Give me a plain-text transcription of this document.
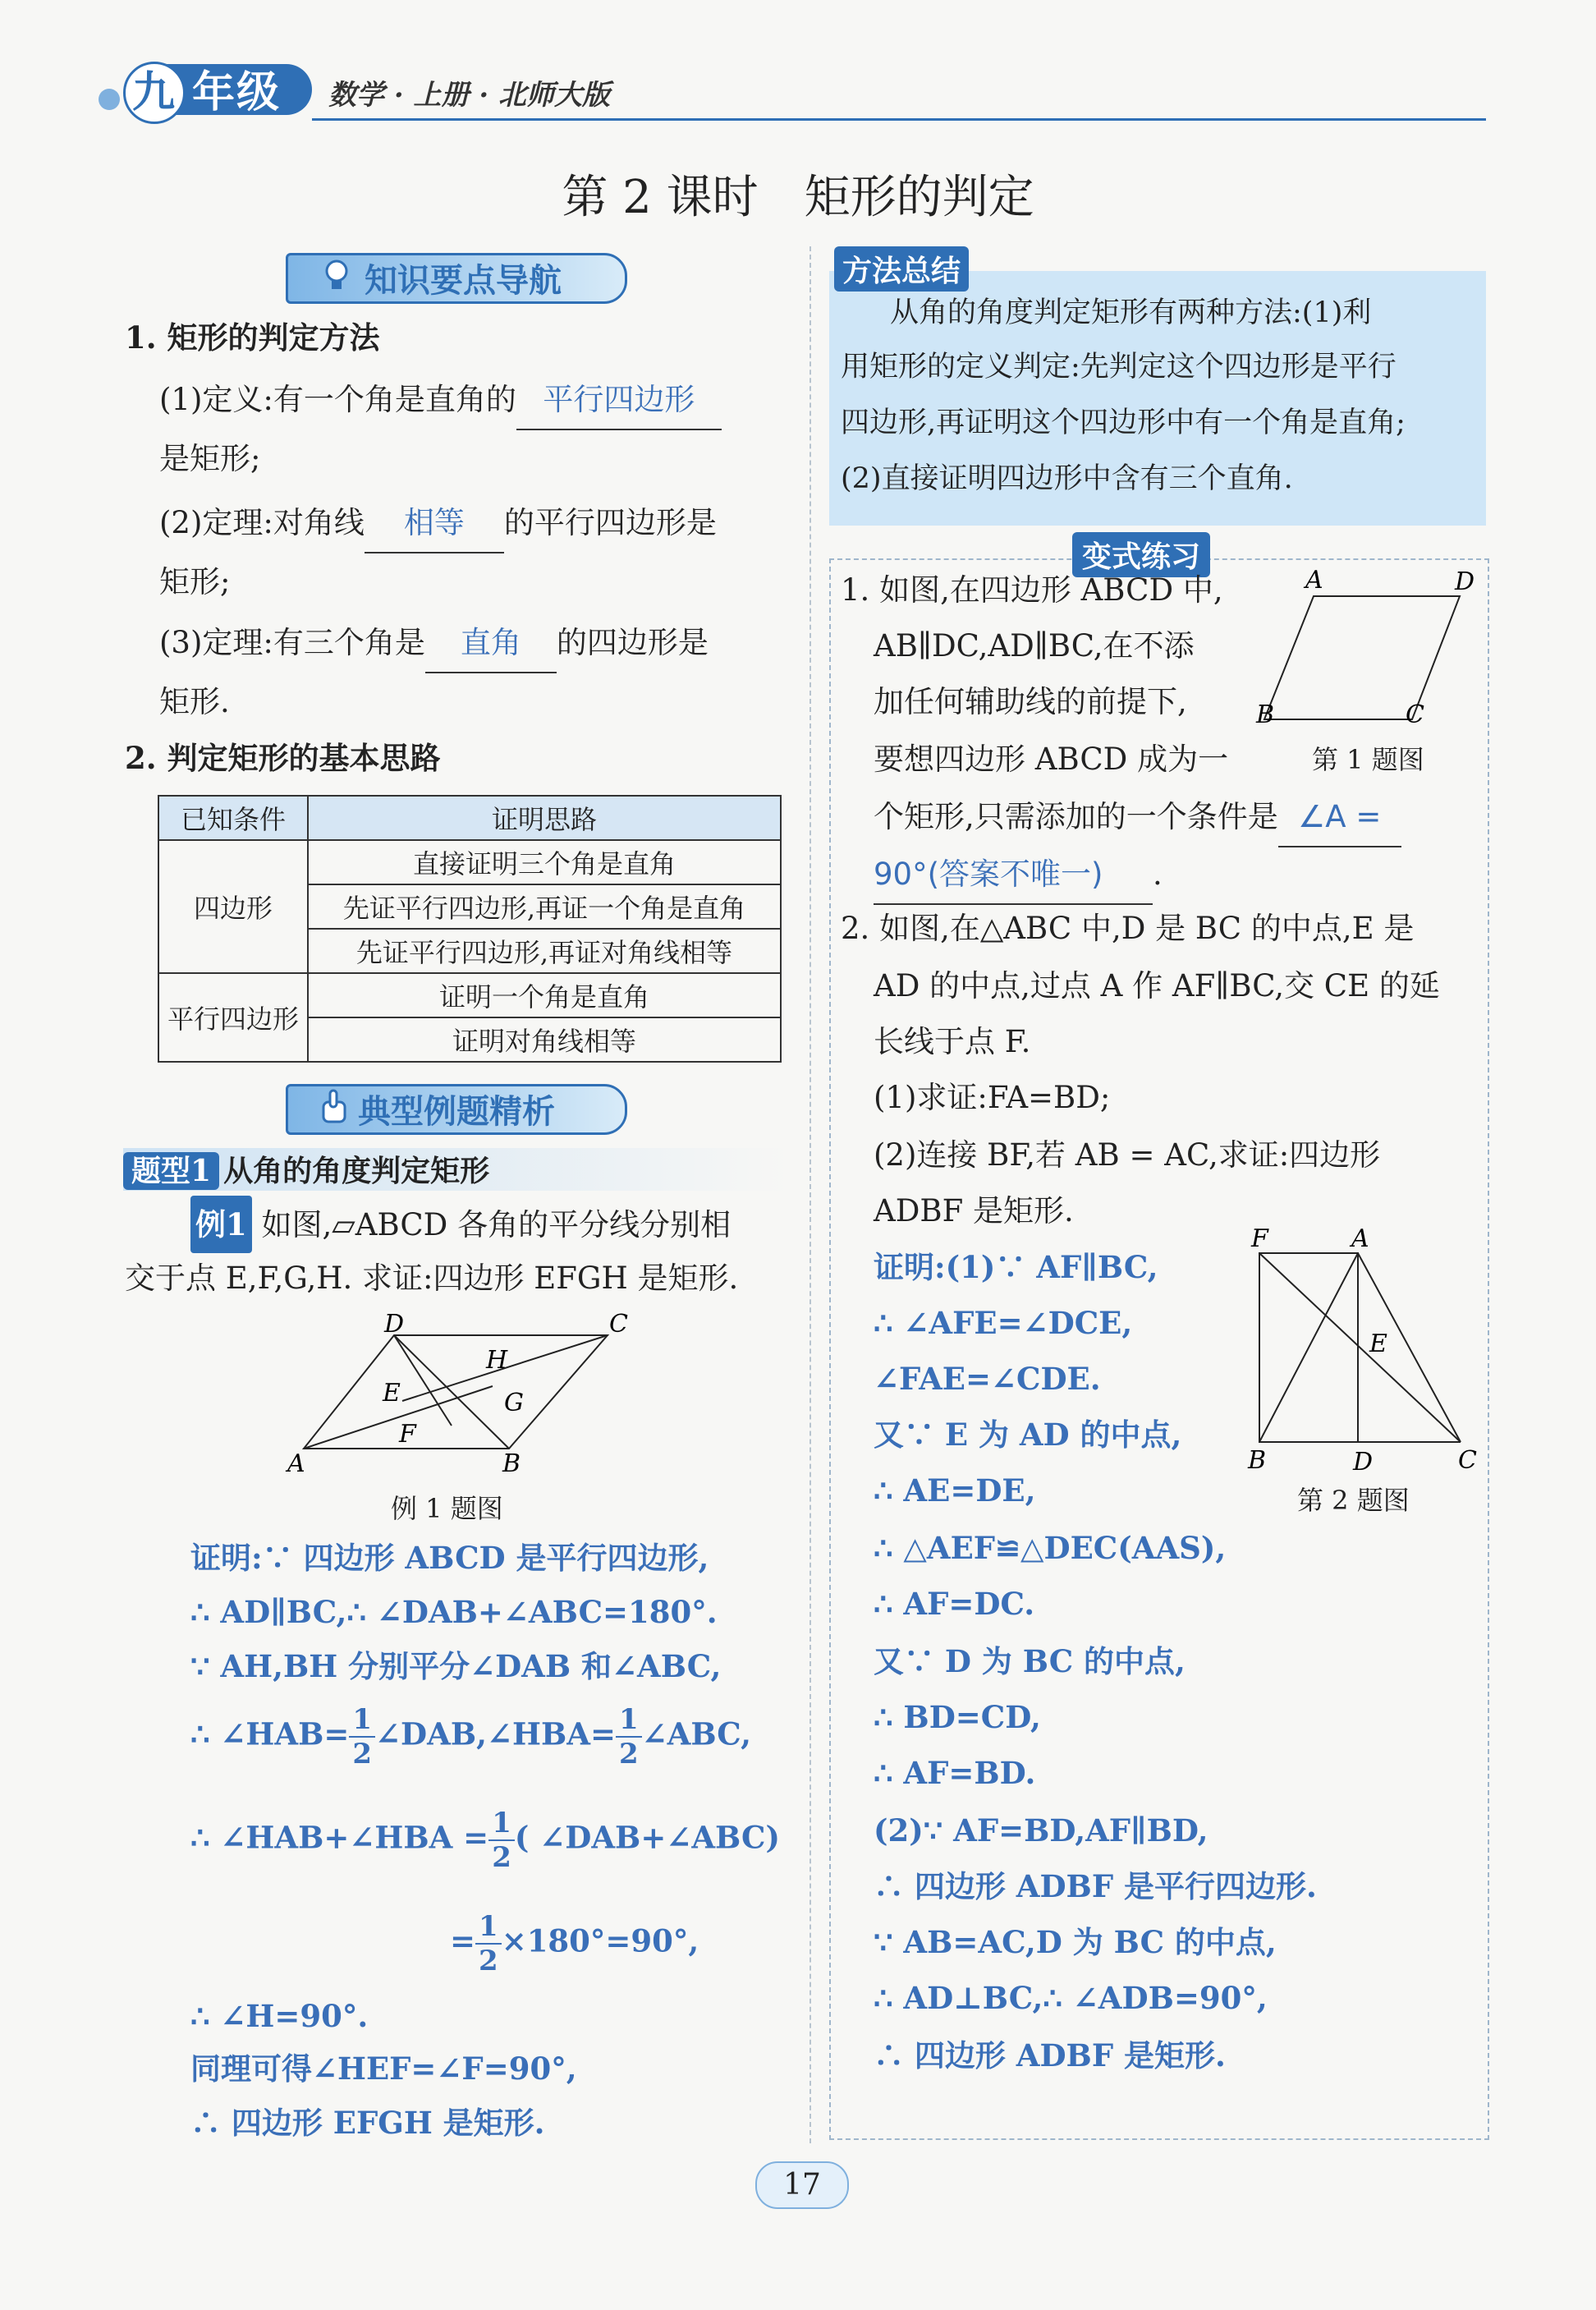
九 年级 数学 · 上册 · 北师大版
第 2 课时　矩形的判定
知识要点导航
1. 矩形的判定方法
(1)定义:有一个角是直角的 平行四边形
是矩形;
(2)定理:对角线 相等 的平行四边形是
矩形;
(3)定理:有三个角是 直角 的四边形是
矩形.
2. 判定矩形的基本思路
已知条件	证明思路
四边形	直接证明三个角是直角
	先证平行四边形,再证一个角是直角
	先证平行四边形,再证对角线相等
平行四边形	证明一个角是直角
	证明对角线相等
典型例题精析
题型1 从角的角度判定矩形
例1 如图,▱ABCD 各角的平分线分别相
交于点 E,F,G,H. 求证:四边形 EFGH 是矩形.
A	B
C
D
E
F
G
H
例 1 题图
证明:∵ 四边形 ABCD 是平行四边形,
∴ AD∥BC,∴ ∠DAB+∠ABC=180°.
∵ AH,BH 分别平分∠DAB 和∠ABC,
∴ ∠HAB= $\frac{1}{2}$ ∠DAB,∠HBA= $\frac{1}{2}$ ∠ABC,
∴ ∠HAB+∠HBA = $\frac{1}{2}$ ( ∠DAB+∠ABC)
= $\frac{1}{2} \times 180^\circ=90^\circ$,
∴ ∠H=90°.
同理可得∠HEF=∠F=90°,
∴ 四边形 EFGH 是矩形.
方法总结
从角的角度判定矩形有两种方法:(1)利
用矩形的定义判定:先判定这个四边形是平行
四边形,再证明这个四边形中有一个角是直角;
(2)直接证明四边形中含有三个直角.
变式练习
1. 如图,在四边形 ABCD 中,
AB∥DC,AD∥BC,在不添
加任何辅助线的前提下,
要想四边形 ABCD 成为一
个矩形,只需添加的一个条件是 ∠A =
90°(答案不唯一) .
A	D
B	C
第 1 题图
2. 如图,在△ABC 中,D 是 BC 的中点,E 是
AD 的中点,过点 A 作 AF∥BC,交 CE 的延
长线于点 F.
(1)求证:FA=BD;
(2)连接 BF,若 AB = AC,求证:四边形
ADBF 是矩形.
F	A
E
B	D	C
第 2 题图
证明:(1)∵ AF∥BC,
∴ ∠AFE=∠DCE,
∠FAE=∠CDE.
又∵ E 为 AD 的中点,
∴ AE=DE,
∴ △AEF≌△DEC(AAS),
∴ AF=DC.
又∵ D 为 BC 的中点,
∴ BD=CD,
∴ AF=BD.
(2)∵ AF=BD,AF∥BD,
∴ 四边形 ADBF 是平行四边形.
∵ AB=AC,D 为 BC 的中点,
∴ AD⊥BC,∴ ∠ADB=90°,
∴ 四边形 ADBF 是矩形.
17
